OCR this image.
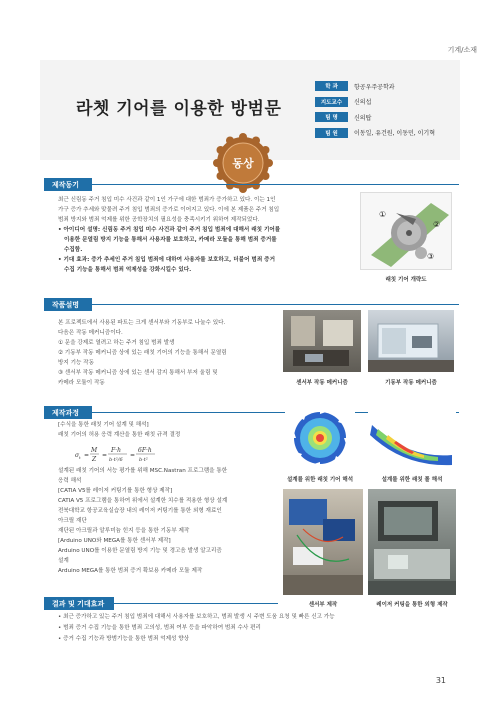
기계/소재
라쳇 기어를 이용한 방범문
학 과	항공우주공학과
지도교수	신의섭
팀 명	신의탑
팀 원	이동일, 유건원, 이동민, 이기혁
동상
제작동기

최근 신림동 주거 침입 미수 사건과 같이 1인 가구에 대한 범죄가 증가하고 있다. 이는 1인

가구 증가 추세와 맞물려 주거 침입 범죄의 증가로 이어지고 있다. 이에 본 제품은 주거 침입

범죄 방지와 범죄 억제를 위한 공학장치의 필요성을 충족시키기 위하여 제작되었다.

• 아이디어 설명: 신림동 주거 침입 미수 사건과 같이 주거 침입 범죄에 대해서 래칫 기어를

이용한 문열림 방지 기능을 통해서 사용자를 보호하고, 카메라 모듈을 통해 범죄 증거를

수집함.

• 기대 효과: 증가 추세인 주거 침입 범죄에 대하여 사용자를 보호하고, 더불어 범죄 증거

수집 기능을 통해서 범죄 억제성을 강화시킬수 있다.

①
②
③
래칫 기어 개략도
작품설명

본 프로젝트에서 사용된 파트는 크게 센서부와 기동부로 나눌수 있다.

다음은 작동 메커니즘이다.

① 문을 강제로 열려고 하는 주거 침입 범죄 발생

② 기동부 작동 메커니즘 상에 있는 래칫 기어의 기능을 통해서 문열림

방지 기능 작동

③ 센서부 작동 메커니즘 상에 있는 센서 감지 통해서 부저 울림 및

카메라 모듈이 작동	센서부 작동 메커니즘	기동부 작동 메커니즘
제작과정

[수식을 통한 래칫 기어 설계 및 해석]

래칫 기어의 허용 응력 계산을 통한 래칫 규격 결정

σ t =
M
Z
=
F·h
b·t²/6
=
6F·h
b·t²

설계된 래칫 기어의 서능 평가를 위해 MSC.Nastran 프로그램을 통한

응력 해석

[CATIA V5를 레이저 커팅기를 통한 형상 제작]

CATIA V5 프로그램을 통하여 위에서 설계한 치수를 적용한 형상 설계

전북대학교 항공교육실습장 내의 레이저 커팅기를 통한 외형 재료인

아크릴 재단

재단된 아크릴과 알루미늄 힌지 등을 통한 기동부 제작

[Arduino UNO와 MEGA를 통한 센서부 제작]

Arduino UNO를 이용한 문열림 방지 기능 및 경고음 발생 알고리즘

설계

Arduino MEGA를 통한 범죄 증거 확보용 카메라 모듈 제작

설계를 위한 래칫 기어 해석	설계를 위한 래칫 폴 해석
센서부 제작	레이저 커팅을 통한 외형 제작
결과 및 기대효과

• 최근 증가하고 있는 주거 침입 범죄에 대해서 사용자를 보호하고, 범죄 발생 시 주변 도움 요청 및 빠른 신고 가능

• 범죄 증거 수집 기능을 통한 범죄 고의성, 범죄 여부 등을 파악하여 범죄 수사 편리

• 증거 수집 기능과 방범기능을 통한 범죄 억제성 향상

31
